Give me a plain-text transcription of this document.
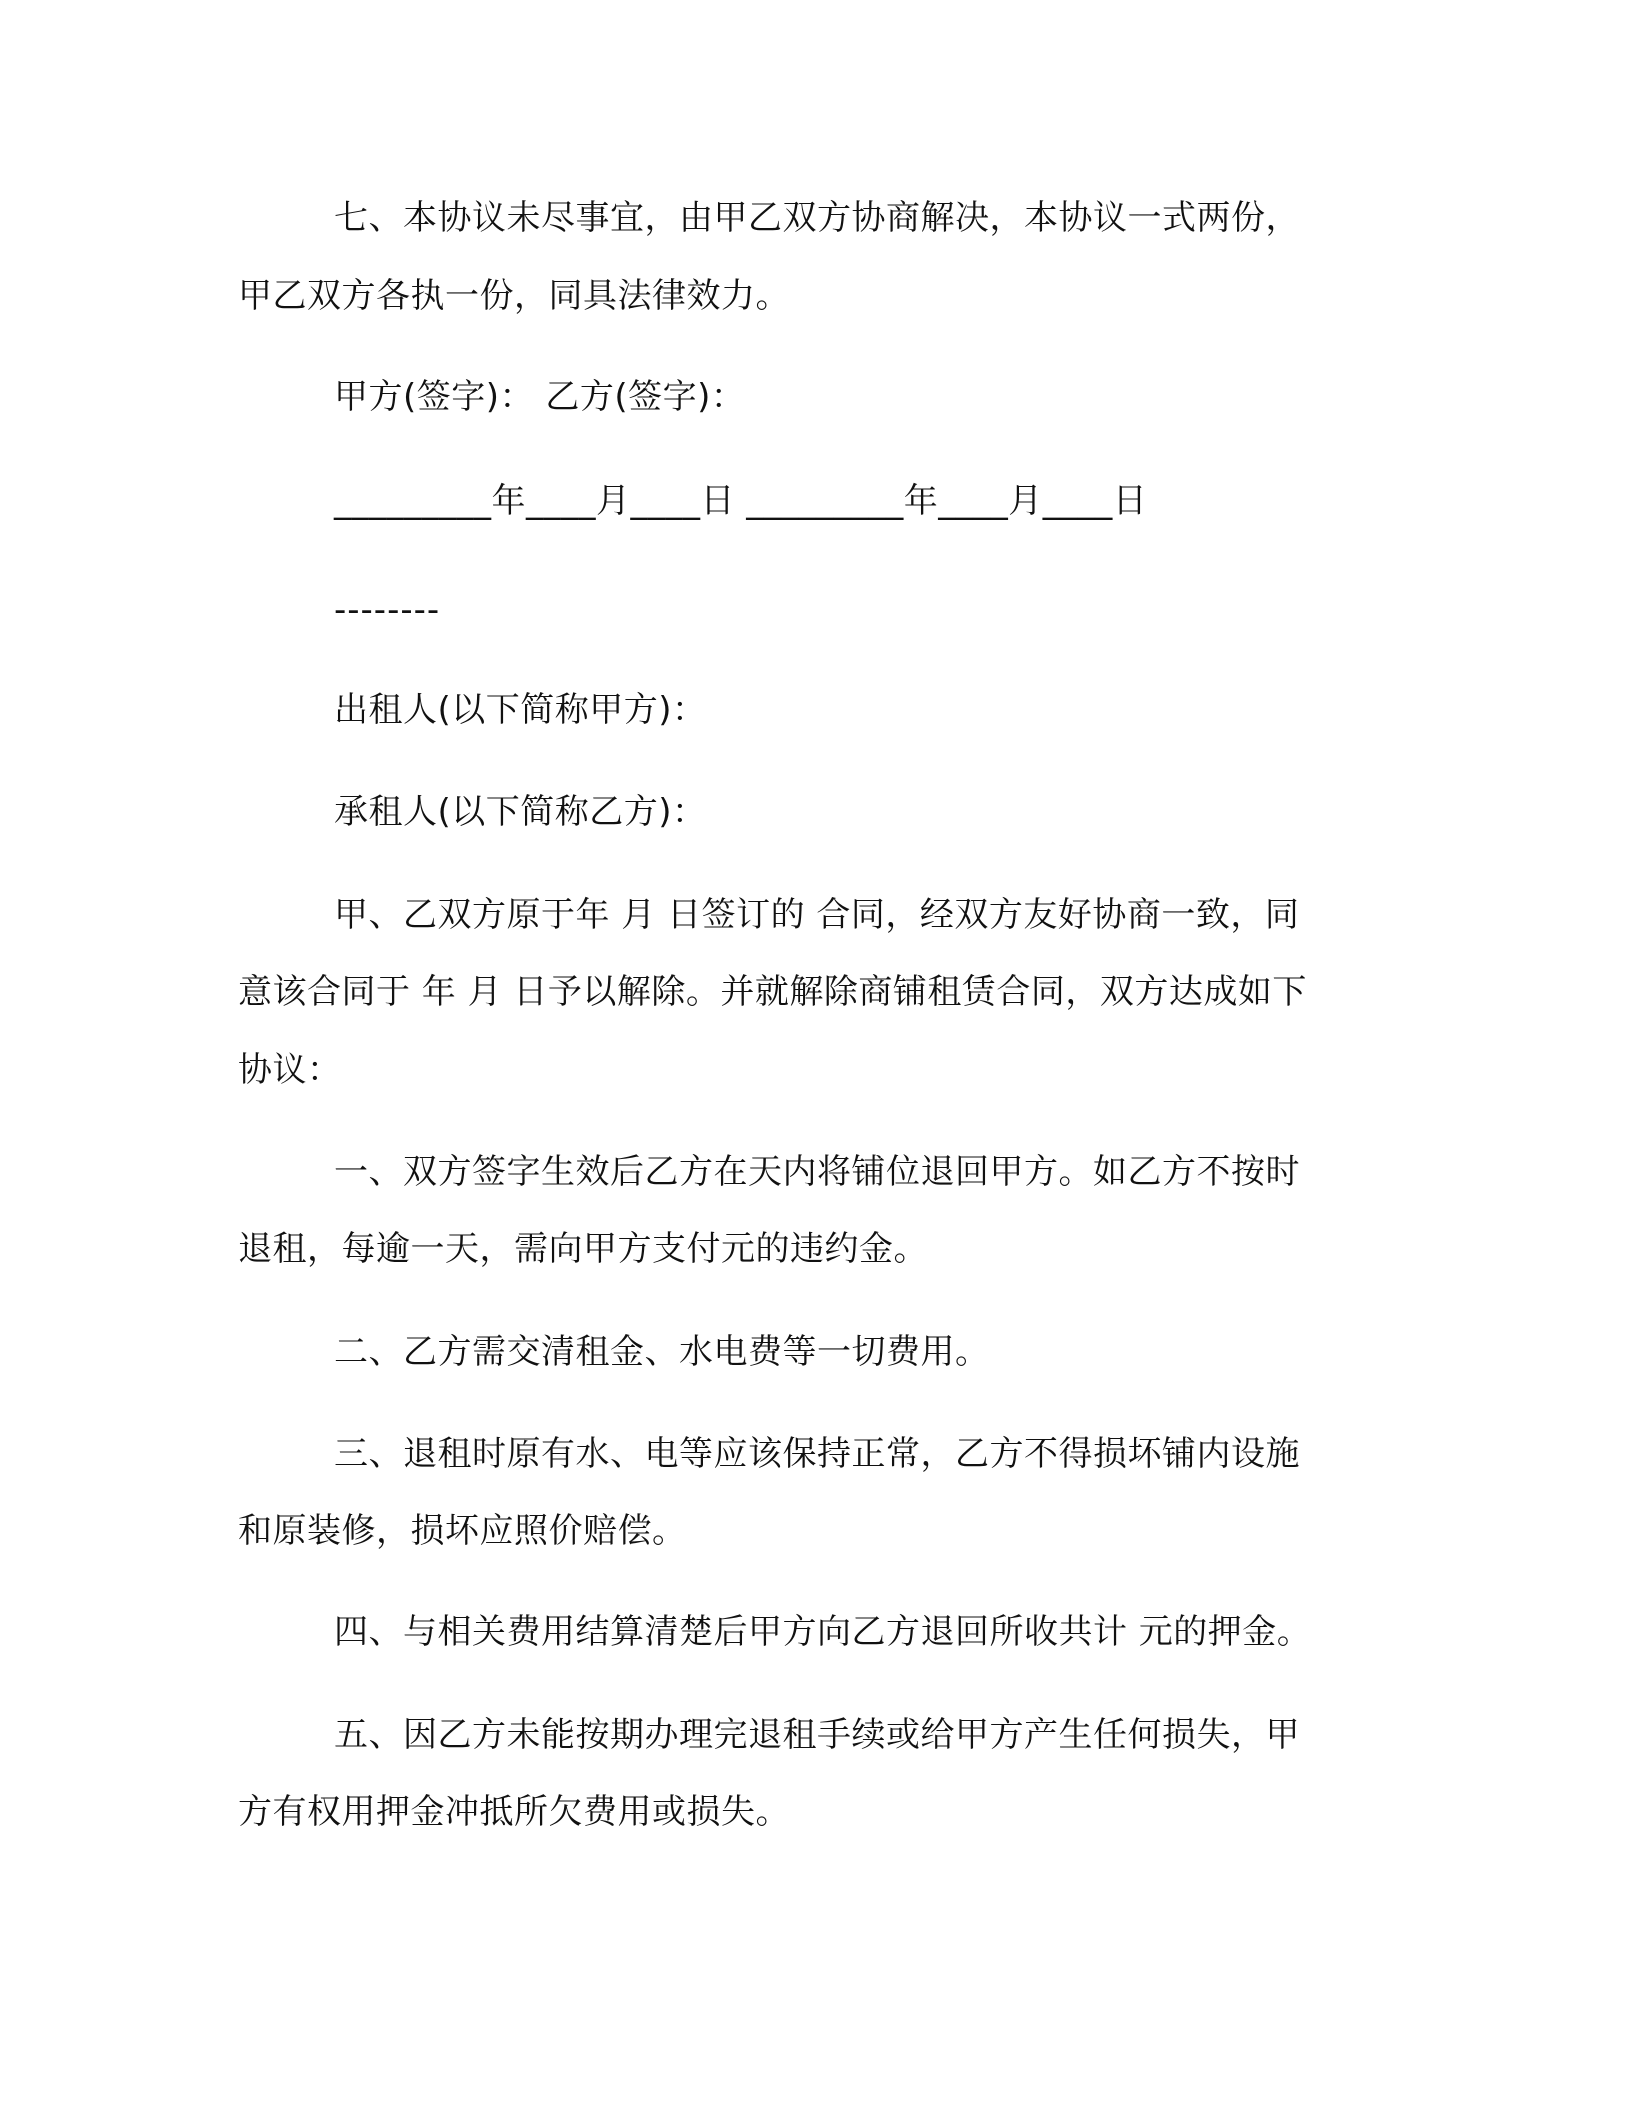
七、本协议未尽事宜，由甲乙双方协商解决，本协议一式两份，
甲乙双方各执一份，同具法律效力。
甲方(签字)： 乙方(签字)：
_________年____月____日 _________年____月____日
--------
出租人(以下简称甲方)：
承租人(以下简称乙方)：
甲、乙双方原于年 月 日签订的 合同，经双方友好协商一致，同
意该合同于 年 月 日予以解除。并就解除商铺租赁合同，双方达成如下
协议：
一、双方签字生效后乙方在天内将铺位退回甲方。如乙方不按时
退租，每逾一天，需向甲方支付元的违约金。
二、乙方需交清租金、水电费等一切费用。
三、退租时原有水、电等应该保持正常，乙方不得损坏铺内设施
和原装修，损坏应照价赔偿。
四、与相关费用结算清楚后甲方向乙方退回所收共计 元的押金。
五、因乙方未能按期办理完退租手续或给甲方产生任何损失，甲
方有权用押金冲抵所欠费用或损失。
